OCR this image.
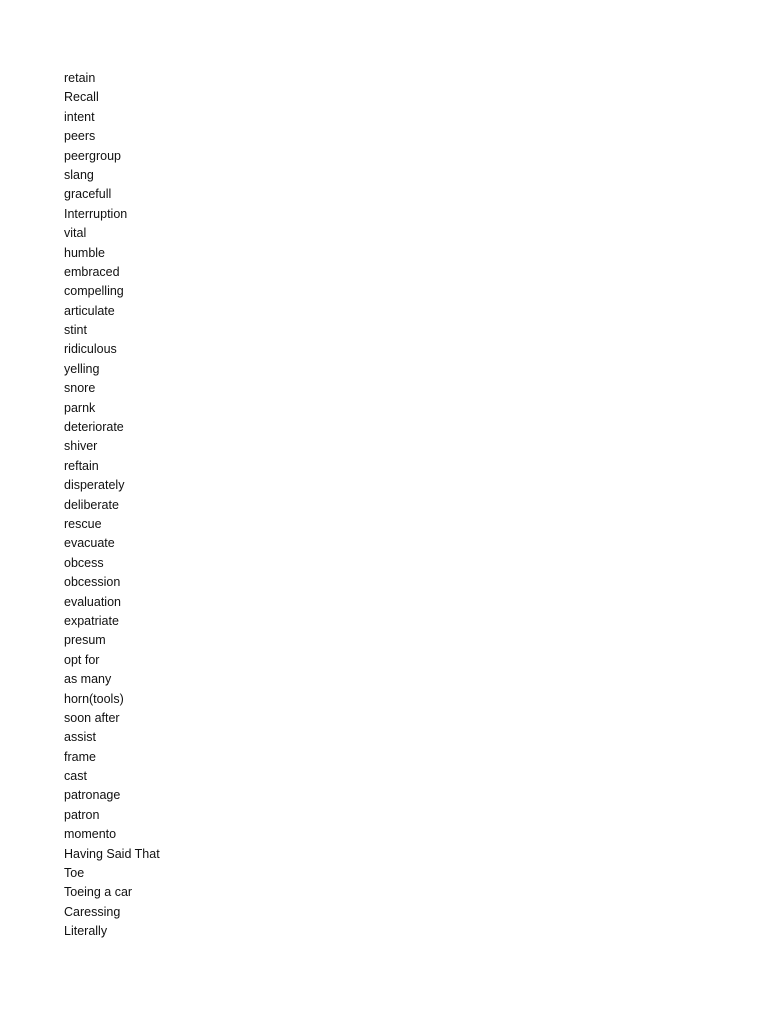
retain
Recall
intent
peers
peergroup
slang
gracefull
Interruption
vital
humble
embraced
compelling
articulate
stint
ridiculous
yelling
snore
parnk
deteriorate
shiver
reftain
disperately
deliberate
rescue
evacuate
obcess
obcession
evaluation
expatriate
presum
opt for
as many
horn(tools)
soon after
assist
frame
cast
patronage
patron
momento
Having Said That
Toe
Toeing a car
Caressing
Literally
